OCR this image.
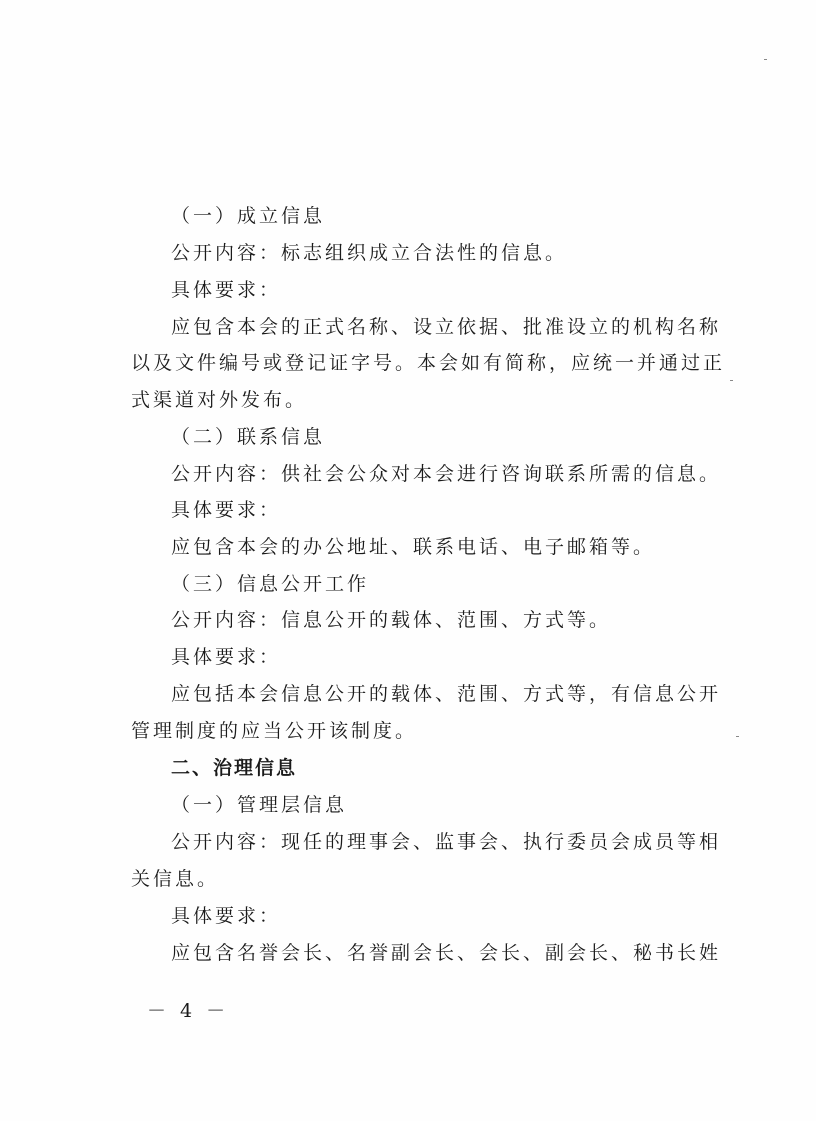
（一）成立信息
公开内容：标志组织成立合法性的信息。
具体要求：
应包含本会的正式名称、设立依据、批准设立的机构名称
以及文件编号或登记证字号。本会如有简称，应统一并通过正
式渠道对外发布。
（二）联系信息
公开内容：供社会公众对本会进行咨询联系所需的信息。
具体要求：
应包含本会的办公地址、联系电话、电子邮箱等。
（三）信息公开工作
公开内容：信息公开的载体、范围、方式等。
具体要求：
应包括本会信息公开的载体、范围、方式等，有信息公开
管理制度的应当公开该制度。
二、治理信息
（一）管理层信息
公开内容：现任的理事会、监事会、执行委员会成员等相
关信息。
具体要求：
应包含名誉会长、名誉副会长、会长、副会长、秘书长姓
－ 4 －
